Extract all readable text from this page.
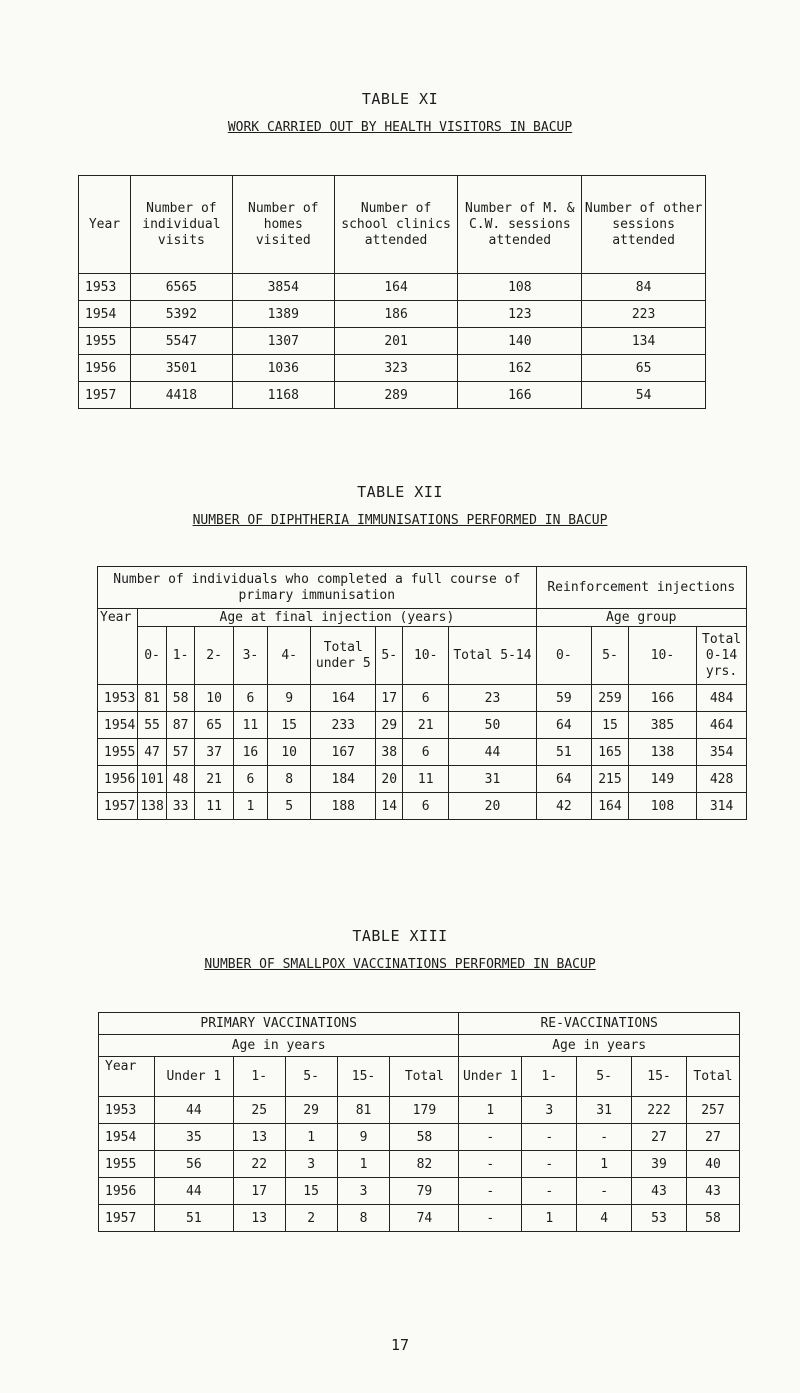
TABLE XI
WORK CARRIED OUT BY HEALTH VISITORS IN BACUP
Year	Number of individual visits	Number of homes visited	Number of school clinics attended	Number of M. & C.W. sessions attended	Number of other sessions attended
1953	6565	3854	164	108	84
1954	5392	1389	186	123	223
1955	5547	1307	201	140	134
1956	3501	1036	323	162	65
1957	4418	1168	289	166	54
TABLE XII
NUMBER OF DIPHTHERIA IMMUNISATIONS PERFORMED IN BACUP
Number of individuals who completed a full course of primary immunisation										Reinforcement injections			
Year	Age at final injection (years)									Age group			
	0-	1-	2-	3-	4-	Total under 5	5-	10-	Total 5-14	0-	5-	10-	Total 0-14 yrs.
1953	81	58	10	6	9	164	17	6	23	59	259	166	484
1954	55	87	65	11	15	233	29	21	50	64	15	385	464
1955	47	57	37	16	10	167	38	6	44	51	165	138	354
1956	101	48	21	6	8	184	20	11	31	64	215	149	428
1957	138	33	11	1	5	188	14	6	20	42	164	108	314
TABLE XIII
NUMBER OF SMALLPOX VACCINATIONS PERFORMED IN BACUP
PRIMARY VACCINATIONS						RE-VACCINATIONS				
Age in years						Age in years				
Year	Under 1	1-	5-	15-	Total	Under 1	1-	5-	15-	Total
1953	44	25	29	81	179	1	3	31	222	257
1954	35	13	1	9	58	-	-	-	27	27
1955	56	22	3	1	82	-	-	1	39	40
1956	44	17	15	3	79	-	-	-	43	43
1957	51	13	2	8	74	-	1	4	53	58
17
